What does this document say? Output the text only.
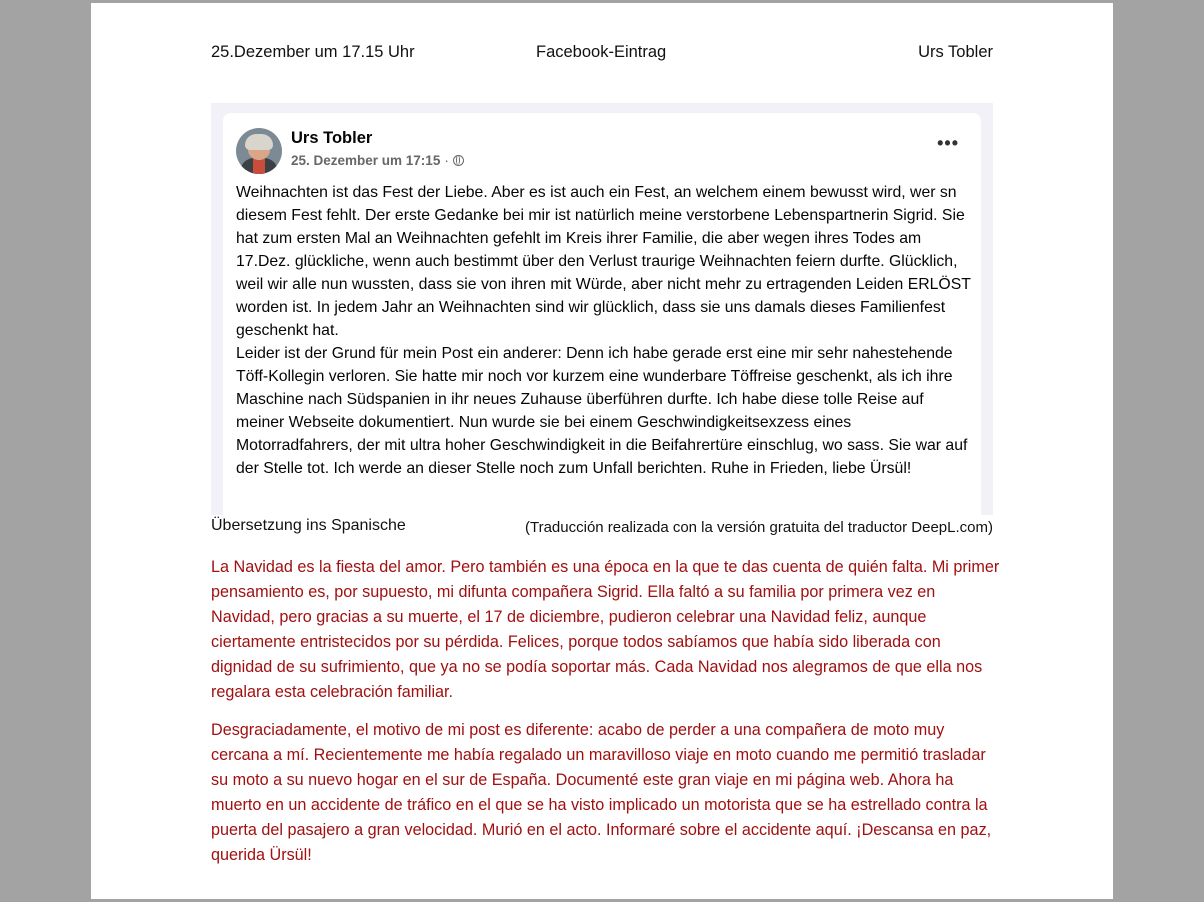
25.Dezember um 17.15 Uhr	Facebook-Eintrag	Urs Tobler
Urs Tobler
25. Dezember um 17:15 ·
•••

Weihnachten ist das Fest der Liebe. Aber es ist auch ein Fest, an welchem einem bewusst wird, wer sn diesem Fest fehlt. Der erste Gedanke bei mir ist natürlich meine verstorbene Lebenspartnerin Sigrid. Sie hat zum ersten Mal an Weihnachten gefehlt im Kreis ihrer Familie, die aber wegen ihres Todes am 17.Dez. glückliche, wenn auch bestimmt über den Verlust traurige Weihnachten feiern durfte. Glücklich, weil wir alle nun wussten, dass sie von ihren mit Würde, aber nicht mehr zu ertragenden Leiden ERLÖST worden ist. In jedem Jahr an Weihnachten sind wir glücklich, dass sie uns damals dieses Familienfest geschenkt hat.

Leider ist der Grund für mein Post ein anderer: Denn ich habe gerade erst eine mir sehr nahestehende Töff-Kollegin verloren. Sie hatte mir noch vor kurzem eine wunderbare Töffreise geschenkt, als ich ihre Maschine nach Südspanien in ihr neues Zuhause überführen durfte. Ich habe diese tolle Reise auf meiner Webseite dokumentiert. Nun wurde sie bei einem Geschwindigkeitsexzess eines Motorradfahrers, der mit ultra hoher Geschwindigkeit in die Beifahrertüre einschlug, wo sass. Sie war auf der Stelle tot. Ich werde an dieser Stelle noch zum Unfall berichten. Ruhe in Frieden, liebe Ürsül!

Übersetzung ins Spanische	(Traducción realizada con la versión gratuita del traductor DeepL.com)

La Navidad es la fiesta del amor. Pero también es una época en la que te das cuenta de quién falta. Mi primer pensamiento es, por supuesto, mi difunta compañera Sigrid. Ella faltó a su familia por primera vez en Navidad, pero gracias a su muerte, el 17 de diciembre, pudieron celebrar una Navidad feliz, aunque ciertamente entristecidos por su pérdida. Felices, porque todos sabíamos que había sido liberada con dignidad de su sufrimiento, que ya no se podía soportar más. Cada Navidad nos alegramos de que ella nos regalara esta celebración familiar.

Desgraciadamente, el motivo de mi post es diferente: acabo de perder a una compañera de moto muy cercana a mí. Recientemente me había regalado un maravilloso viaje en moto cuando me permitió trasladar su moto a su nuevo hogar en el sur de España. Documenté este gran viaje en mi página web. Ahora ha muerto en un accidente de tráfico en el que se ha visto implicado un motorista que se ha estrellado contra la puerta del pasajero a gran velocidad. Murió en el acto. Informaré sobre el accidente aquí. ¡Descansa en paz, querida Ürsül!
